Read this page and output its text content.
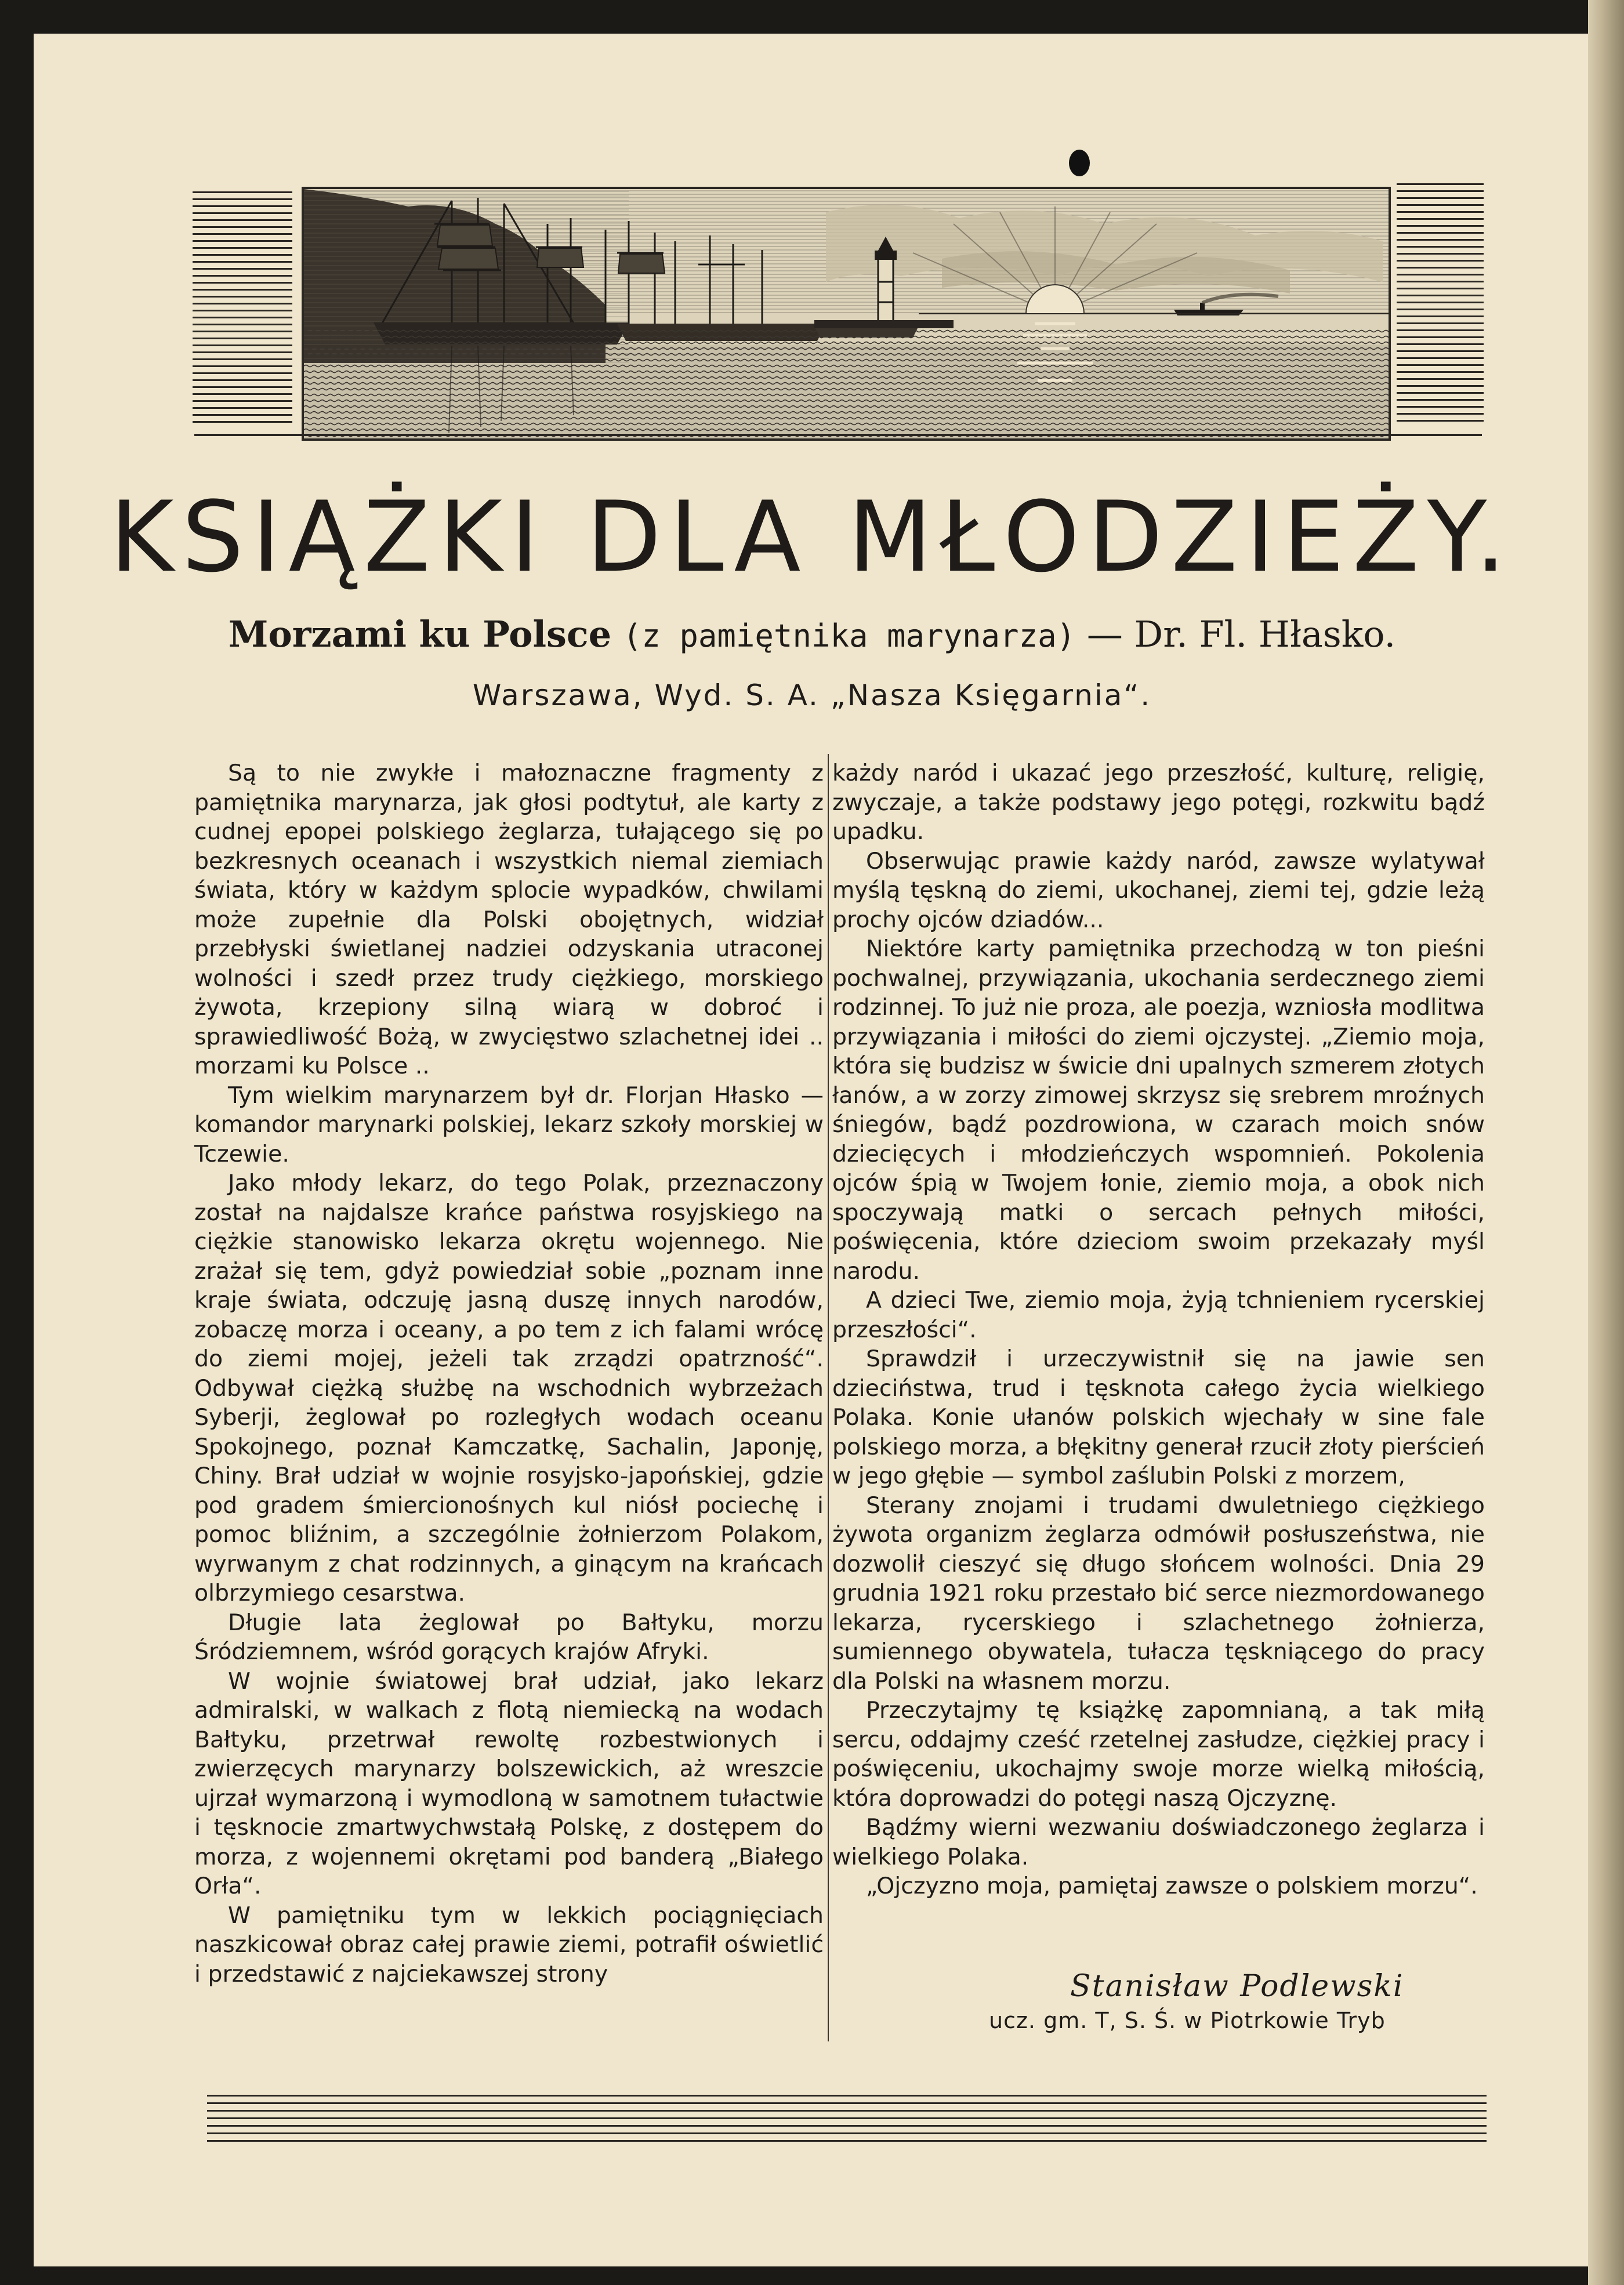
KSIĄŻKI DLA MŁODZIEŻY.
Morzami ku Polsce (z pamiętnika marynarza) — Dr. Fl. Hłasko.
Warszawa, Wyd. S. A. „Nasza Księgarnia“.

Są to nie zwykłe i małoznaczne fragmenty z pamiętnika marynarza, jak głosi podtytuł, ale karty z cudnej epopei polskiego żeglarza, tułającego się po bezkresnych oceanach i wszystkich niemal ziemiach świata, który w każdym splocie wypadków, chwilami może zupełnie dla Polski obojętnych, widział przebłyski świetlanej nadziei odzyskania utraconej wolności i szedł przez trudy ciężkiego, morskiego żywota, krzepiony silną wiarą w dobroć i sprawiedliwość Bożą, w zwycięstwo szlachetnej idei .. morzami ku Polsce ..

Tym wielkim marynarzem był dr. Florjan Hłasko — komandor marynarki polskiej, lekarz szkoły morskiej w Tczewie.

Jako młody lekarz, do tego Polak, przeznaczony został na najdalsze krańce państwa rosyjskiego na ciężkie stanowisko lekarza okrętu wojennego. Nie zrażał się tem, gdyż powiedział sobie „poznam inne kraje świata, odczuję jasną duszę innych narodów, zobaczę morza i oceany, a po tem z ich falami wrócę do ziemi mojej, jeżeli tak zrządzi opatrzność“. Odbywał ciężką służbę na wschodnich wybrzeżach Syberji, żeglował po rozległych wodach oceanu Spokojnego, poznał Kamczatkę, Sachalin, Japonję, Chiny. Brał udział w wojnie rosyjsko-japońskiej, gdzie pod gradem śmiercionośnych kul niósł pociechę i pomoc bliźnim, a szczególnie żołnierzom Polakom, wyrwanym z chat rodzinnych, a ginącym na krańcach olbrzymiego cesarstwa.

Długie lata żeglował po Bałtyku, morzu Śródziemnem, wśród gorących krajów Afryki.

W wojnie światowej brał udział, jako lekarz admiralski, w walkach z flotą niemiecką na wodach Bałtyku, przetrwał rewoltę rozbestwionych i zwierzęcych marynarzy bolszewickich, aż wreszcie ujrzał wymarzoną i wymodloną w samotnem tułactwie i tęsknocie zmartwychwstałą Polskę, z dostępem do morza, z wojennemi okrętami pod banderą „Białego Orła“.

W pamiętniku tym w lekkich pociągnięciach naszkicował obraz całej prawie ziemi, potrafił oświetlić i przedstawić z najciekawszej strony

każdy naród i ukazać jego przeszłość, kulturę, religię, zwyczaje, a także podstawy jego potęgi, rozkwitu bądź upadku.

Obserwując prawie każdy naród, zawsze wylatywał myślą tęskną do ziemi, ukochanej, ziemi tej, gdzie leżą prochy ojców dziadów...

Niektóre karty pamiętnika przechodzą w ton pieśni pochwalnej, przywiązania, ukochania serdecznego ziemi rodzinnej. To już nie proza, ale poezja, wzniosła modlitwa przywiązania i miłości do ziemi ojczystej. „Ziemio moja, która się budzisz w świcie dni upalnych szmerem złotych łanów, a w zorzy zimowej skrzysz się srebrem mroźnych śniegów, bądź pozdrowiona, w czarach moich snów dziecięcych i młodzieńczych wspomnień. Pokolenia ojców śpią w Twojem łonie, ziemio moja, a obok nich spoczywają matki o sercach pełnych miłości, poświęcenia, które dzieciom swoim przekazały myśl narodu.

A dzieci Twe, ziemio moja, żyją tchnieniem rycerskiej przeszłości“.

Sprawdził i urzeczywistnił się na jawie sen dzieciństwa, trud i tęsknota całego życia wielkiego Polaka. Konie ułanów polskich wjechały w sine fale polskiego morza, a błękitny generał rzucił złoty pierścień w jego głębie — symbol zaślubin Polski z morzem,

Sterany znojami i trudami dwuletniego ciężkiego żywota organizm żeglarza odmówił posłuszeństwa, nie dozwolił cieszyć się długo słońcem wolności. Dnia 29 grudnia 1921 roku przestało bić serce niezmordowanego lekarza, rycerskiego i szlachetnego żołnierza, sumiennego obywatela, tułacza tęskniącego do pracy dla Polski na własnem morzu.

Przeczytajmy tę książkę zapomnianą, a tak miłą sercu, oddajmy cześć rzetelnej zasłudze, ciężkiej pracy i poświęceniu, ukochajmy swoje morze wielką miłością, która doprowadzi do potęgi naszą Ojczyznę.

Bądźmy wierni wezwaniu doświadczonego żeglarza i wielkiego Polaka.

„Ojczyzno moja, pamiętaj zawsze o polskiem morzu“.

Stanisław Podlewski
ucz. gm. T, S. Ś. w Piotrkowie Tryb
